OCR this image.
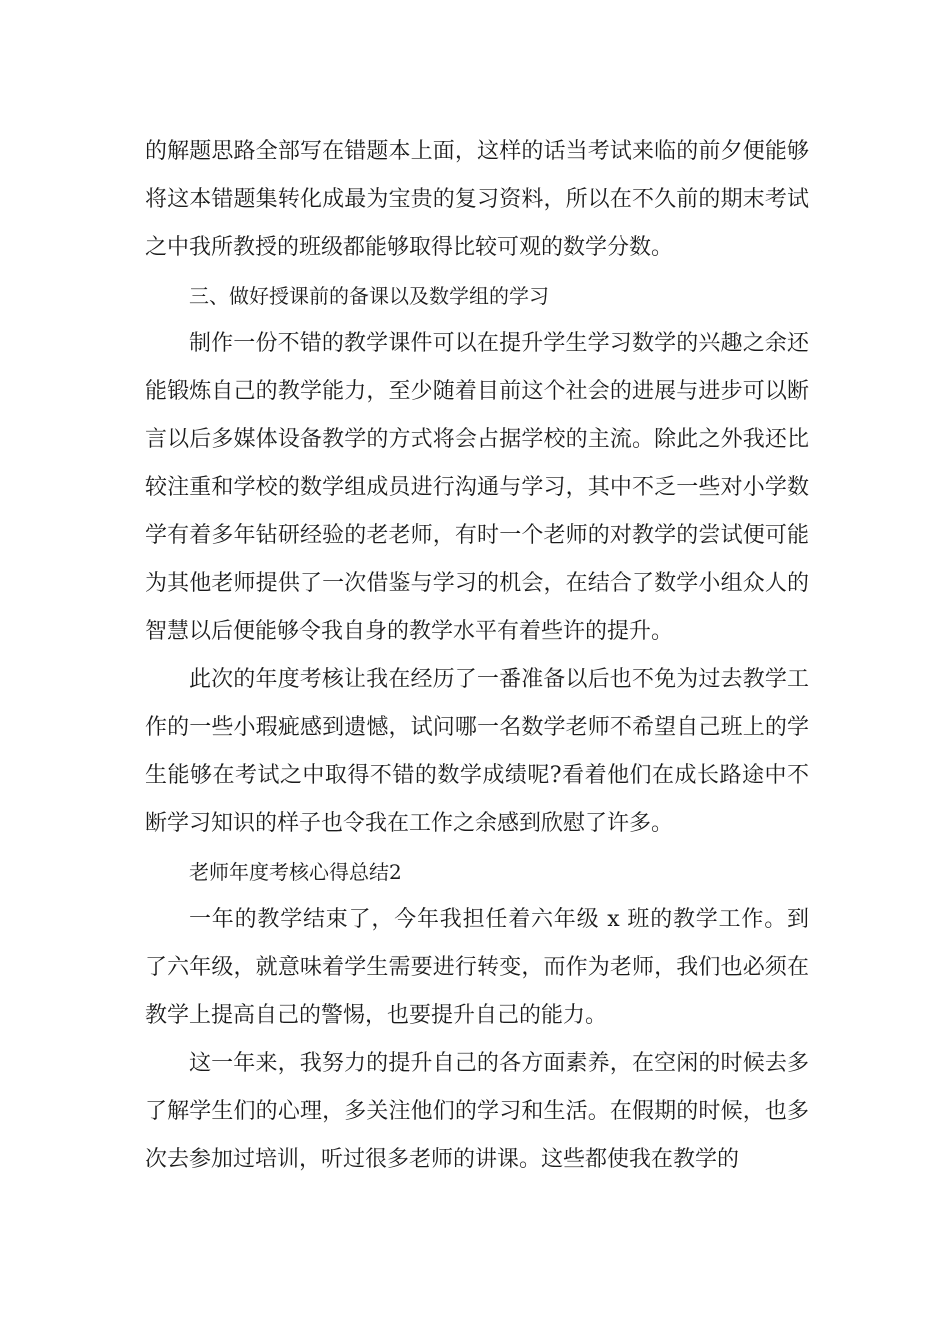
的解题思路全部写在错题本上面，这样的话当考试来临的前夕便能够将这本错题集转化成最为宝贵的复习资料，所以在不久前的期末考试之中我所教授的班级都能够取得比较可观的数学分数。

三、做好授课前的备课以及数学组的学习

制作一份不错的教学课件可以在提升学生学习数学的兴趣之余还能锻炼自己的教学能力，至少随着目前这个社会的进展与进步可以断言以后多媒体设备教学的方式将会占据学校的主流。除此之外我还比较注重和学校的数学组成员进行沟通与学习，其中不乏一些对小学数学有着多年钻研经验的老老师，有时一个老师的对教学的尝试便可能为其他老师提供了一次借鉴与学习的机会，在结合了数学小组众人的智慧以后便能够令我自身的教学水平有着些许的提升。

此次的年度考核让我在经历了一番准备以后也不免为过去教学工作的一些小瑕疵感到遗憾，试问哪一名数学老师不希望自己班上的学生能够在考试之中取得不错的数学成绩呢?看着他们在成长路途中不断学习知识的样子也令我在工作之余感到欣慰了许多。

老师年度考核心得总结2

一年的教学结束了，今年我担任着六年级 x 班的教学工作。到了六年级，就意味着学生需要进行转变，而作为老师，我们也必须在教学上提高自己的警惕，也要提升自己的能力。

这一年来，我努力的提升自己的各方面素养，在空闲的时候去多了解学生们的心理，多关注他们的学习和生活。在假期的时候，也多次去参加过培训，听过很多老师的讲课。这些都使我在教学的
